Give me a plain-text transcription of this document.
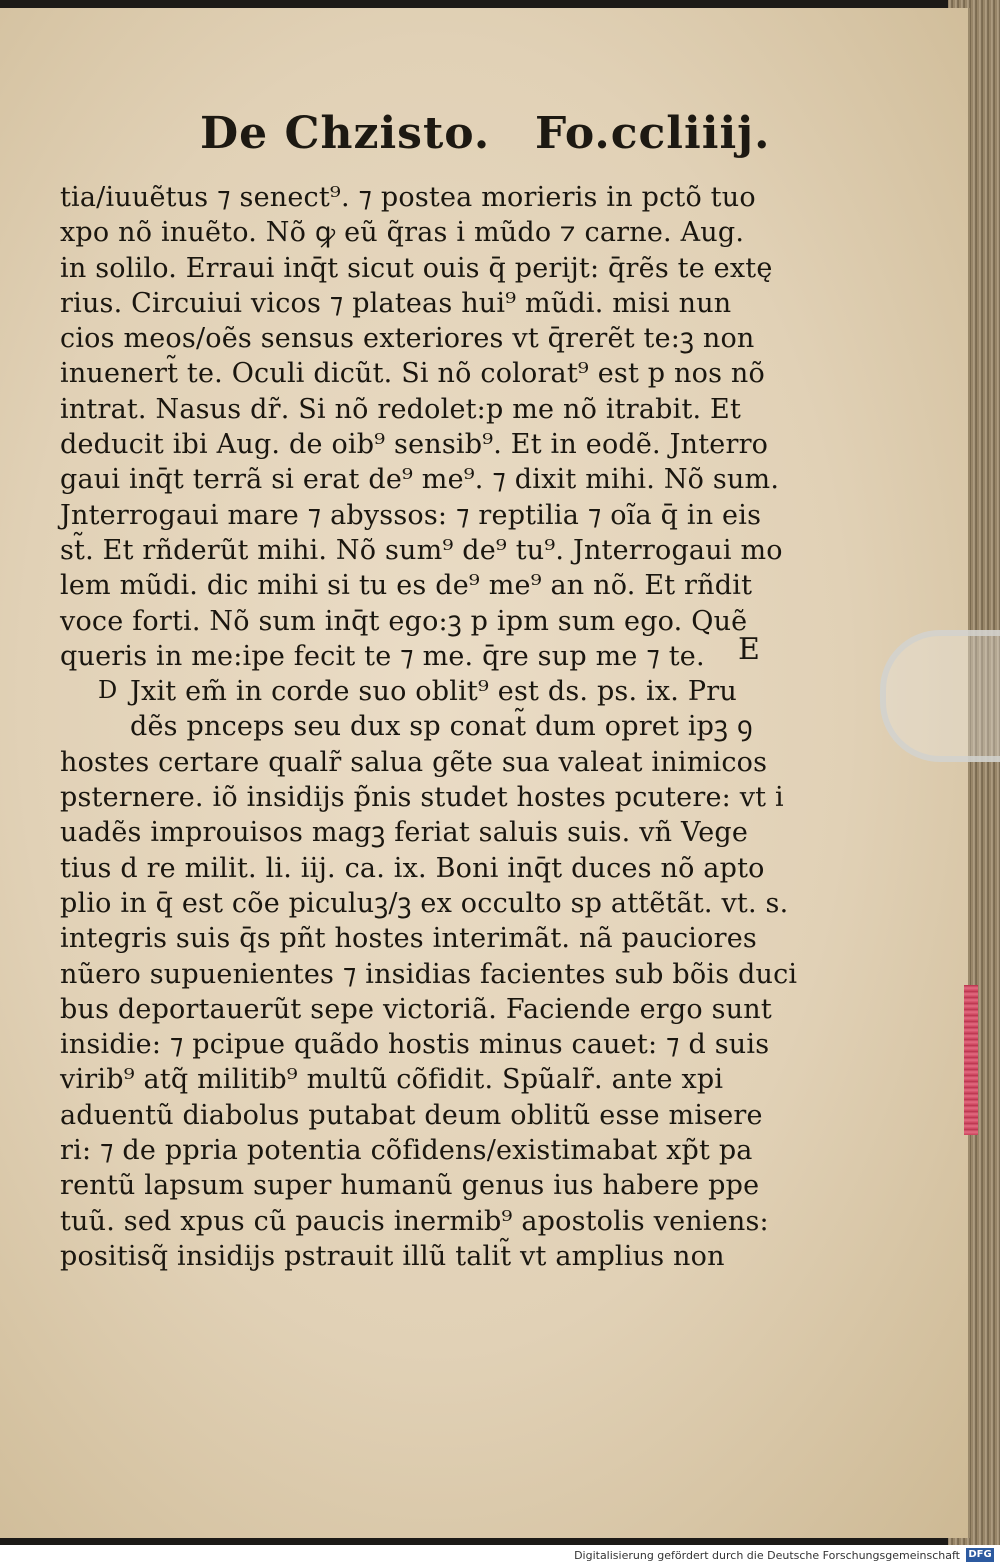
De Chzisto. Fo.ccliiij.
tia/iuuẽtus ⁊ senect⁹. ⁊ postea morieris in pctõ tuo
xpo nõ inuẽto. Nõ ꝙ eũ q̃ras i mũdo ⁊ carne. Aug.
in solilo. Erraui inq̄t sicut ouis q̄ perijt: q̄rẽs te extę
rius. Circuiui vicos ⁊ plateas hui⁹ mũdi. misi nun
cios meos/oẽs sensus exteriores vt q̄rerẽt te:ꝫ non
inuenert̃ te. Oculi dicũt. Si nõ colorat⁹ est p nos nõ
intrat. Nasus dr̃. Si nõ redolet:p me nõ itrabit. Et
deducit ibi Aug. de oib⁹ sensib⁹. Et in eodẽ. Jnterro
gaui inq̄t terrã si erat de⁹ me⁹. ⁊ dixit mihi. Nõ sum.
Jnterrogaui mare ⁊ abyssos: ⁊ reptilia ⁊ oĩa q̄ in eis
st̃. Et rñderũt mihi. Nõ sum⁹ de⁹ tu⁹. Jnterrogaui mo
lem mũdi. dic mihi si tu es de⁹ me⁹ an nõ. Et rñdit
voce forti. Nõ sum inq̄t ego:ꝫ p ipm sum ego. Quẽ
queris in me:ipe fecit te ⁊ me. q̄re sup me ⁊ te.
Jxit em̃ in corde suo oblit⁹ est ds. ps. ix. Pru
dẽs pnceps seu dux sp conat̃ dum opret ipꝫ ꝯ
hostes certare qualr̃ salua gẽte sua valeat inimicos
psternere. iõ insidijs p̃nis studet hostes pcutere: vt i
uadẽs improuisos magꝫ feriat saluis suis. vñ Vege
tius d re milit. li. iij. ca. ix. Boni inq̄t duces nõ apto
plio in q̄ est cõe piculuꝫ/ꝫ ex occulto sp attẽtãt. vt. s.
integris suis q̄s pñt hostes interimãt. nã pauciores
nũero supuenientes ⁊ insidias facientes sub bõis duci
bus deportauerũt sepe victoriã. Faciende ergo sunt
insidie: ⁊ pcipue quãdo hostis minus cauet: ⁊ d suis
virib⁹ atq̃ militib⁹ multũ cõfidit. Spũalr̃. ante xpi
aduentũ diabolus putabat deum oblitũ esse misere
ri: ⁊ de ppria potentia cõfidens/existimabat xp̃t pa
rentũ lapsum super humanũ genus ius habere ppe
tuũ. sed xpus cũ paucis inermib⁹ apostolis veniens:
positisq̃ insidijs pstrauit illũ talit̃ vt amplius non
E
D
Digitalisierung gefördert durch die Deutsche Forschungsgemeinschaft DFG
